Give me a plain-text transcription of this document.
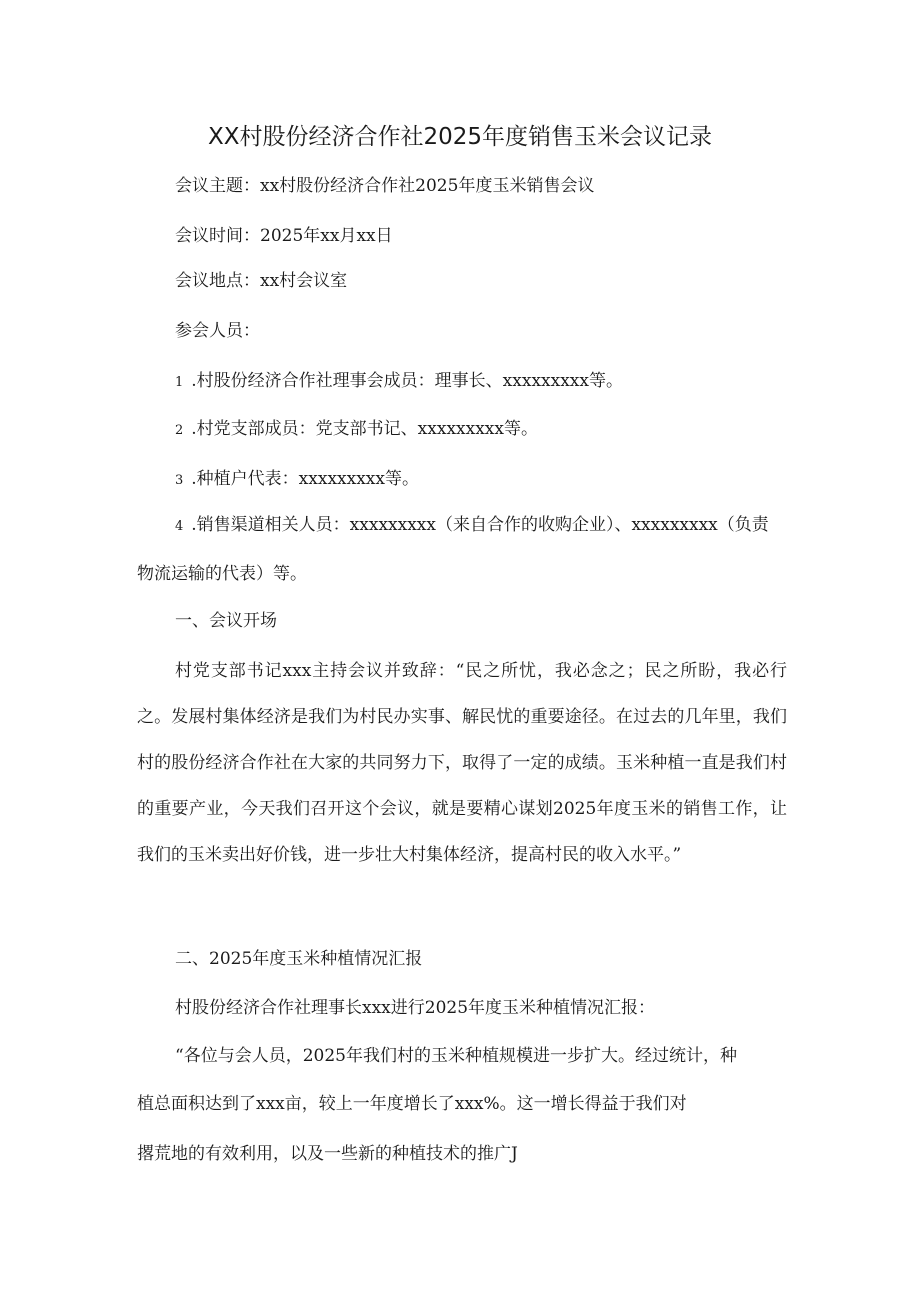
XX村股份经济合作社2025年度销售玉米会议记录
会议主题：xx村股份经济合作社2025年度玉米销售会议
会议时间：2025年xx月xx日
会议地点：xx村会议室
参会人员：
1 .村股份经济合作社理事会成员：理事长、xxxxxxxxx等。
2 .村党支部成员：党支部书记、xxxxxxxxx等。
3 .种植户代表：xxxxxxxxx等。
4 .销售渠道相关人员：xxxxxxxxx（来自合作的收购企业）、xxxxxxxxx（负责
物流运输的代表）等。
一、会议开场

村党支部书记xxx主持会议并致辞：“民之所忧，我必念之；民之所盼，我必行之。发展村集体经济是我们为村民办实事、解民忧的重要途径。在过去的几年里，我们村的股份经济合作社在大家的共同努力下，取得了一定的成绩。玉米种植一直是我们村的重要产业，今天我们召开这个会议，就是要精心谋划2025年度玉米的销售工作，让我们的玉米卖出好价钱，进一步壮大村集体经济，提高村民的收入水平。”

二、2025年度玉米种植情况汇报
村股份经济合作社理事长xxx进行2025年度玉米种植情况汇报：
“各位与会人员，2025年我们村的玉米种植规模进一步扩大。经过统计，种
植总面积达到了xxx亩，较上一年度增长了xxx%。这一增长得益于我们对
撂荒地的有效利用，以及一些新的种植技术的推广J
